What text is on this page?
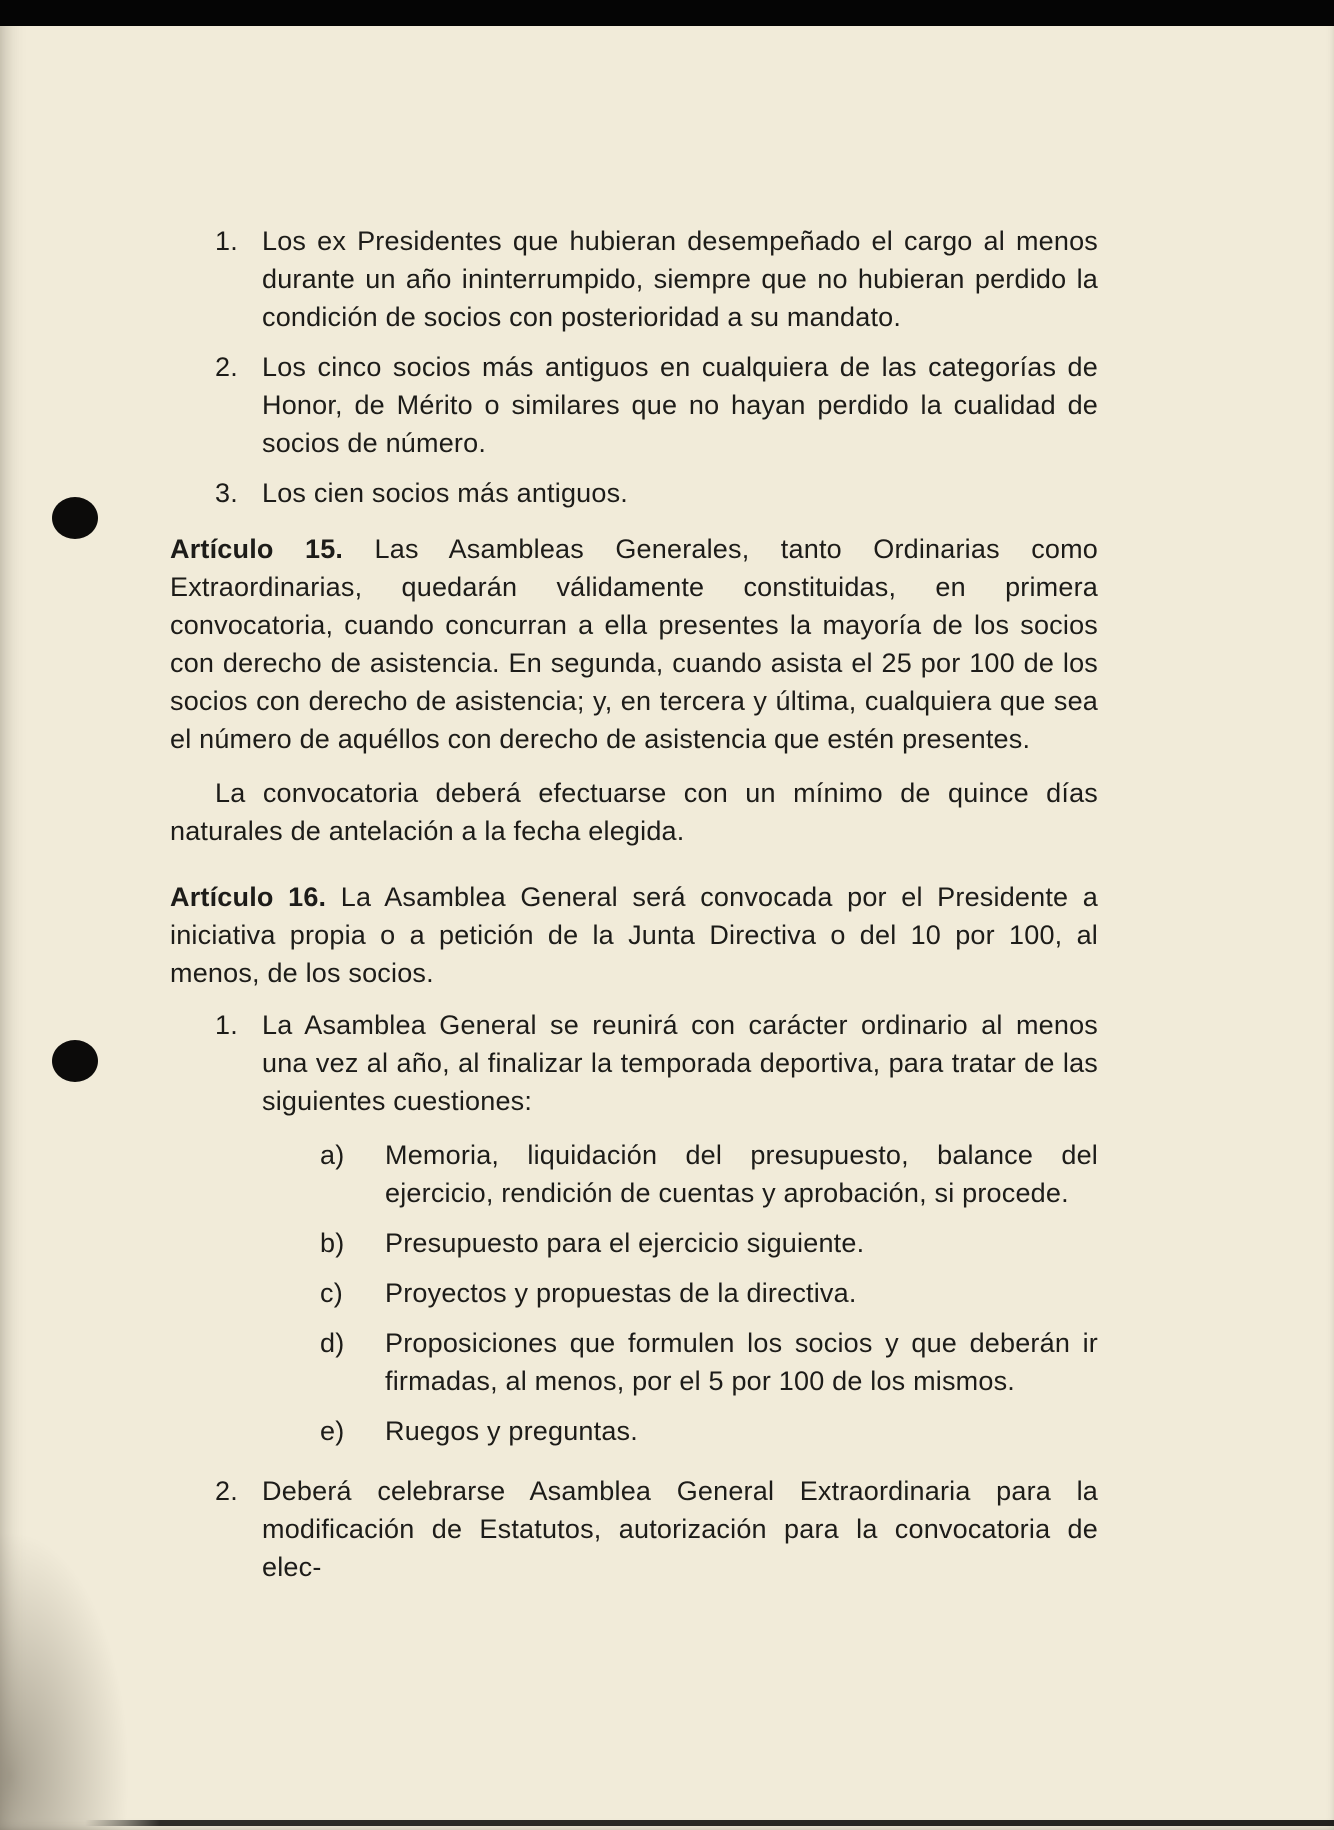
1. Los ex Presidentes que hubieran desempeñado el cargo al menos durante un año ininterrumpido, siempre que no hubieran perdido la condición de socios con posterioridad a su mandato.
2. Los cinco socios más antiguos en cualquiera de las categorías de Honor, de Mérito o similares que no hayan perdido la cualidad de socios de número.
3. Los cien socios más antiguos.

Artículo 15. Las Asambleas Generales, tanto Ordinarias como Extraordinarias, quedarán válidamente constituidas, en primera convocatoria, cuando concurran a ella presentes la mayoría de los socios con derecho de asistencia. En segunda, cuando asista el 25 por 100 de los socios con derecho de asistencia; y, en tercera y última, cualquiera que sea el número de aquéllos con derecho de asistencia que estén presentes.

La convocatoria deberá efectuarse con un mínimo de quince días naturales de antelación a la fecha elegida.

Artículo 16. La Asamblea General será convocada por el Presidente a iniciativa propia o a petición de la Junta Directiva o del 10 por 100, al menos, de los socios.

1. La Asamblea General se reunirá con carácter ordinario al menos una vez al año, al finalizar la temporada deportiva, para tratar de las siguientes cuestiones:
a)	Memoria, liquidación del presupuesto, balance del ejercicio, rendición de cuentas y aprobación, si procede.
b)	Presupuesto para el ejercicio siguiente.
c)	Proyectos y propuestas de la directiva.
d)	Proposiciones que formulen los socios y que deberán ir firmadas, al menos, por el 5 por 100 de los mismos.
e)	Ruegos y preguntas.
2. Deberá celebrarse Asamblea General Extraordinaria para la modificación de Estatutos, autorización para la convocatoria de elec-
